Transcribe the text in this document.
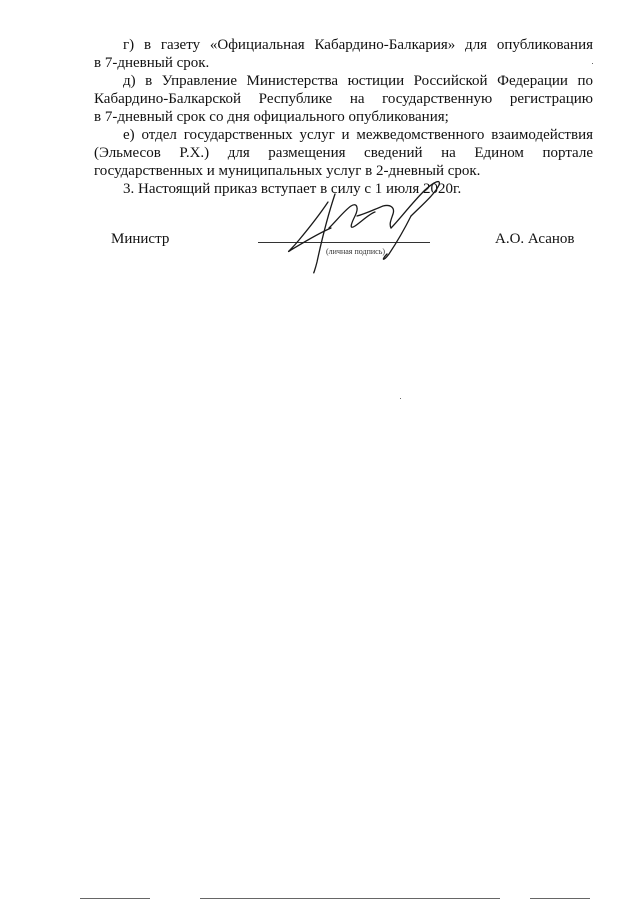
г) в газету «Официальная Кабардино-Балкария» для опубликования
в 7-дневный срок.
д) в Управление Министерства юстиции Российской Федерации по
Кабардино-Балкарской Республике на государственную регистрацию
в 7-дневный срок со дня официального опубликования;
е) отдел государственных услуг и межведомственного взаимодействия
(Эльмесов Р.Х.) для размещения сведений на Едином портале
государственных и муниципальных услуг в 2-дневный срок.
3. Настоящий приказ вступает в силу с 1 июля 2020г.
Министр
(личная подпись)
А.О. Асанов
